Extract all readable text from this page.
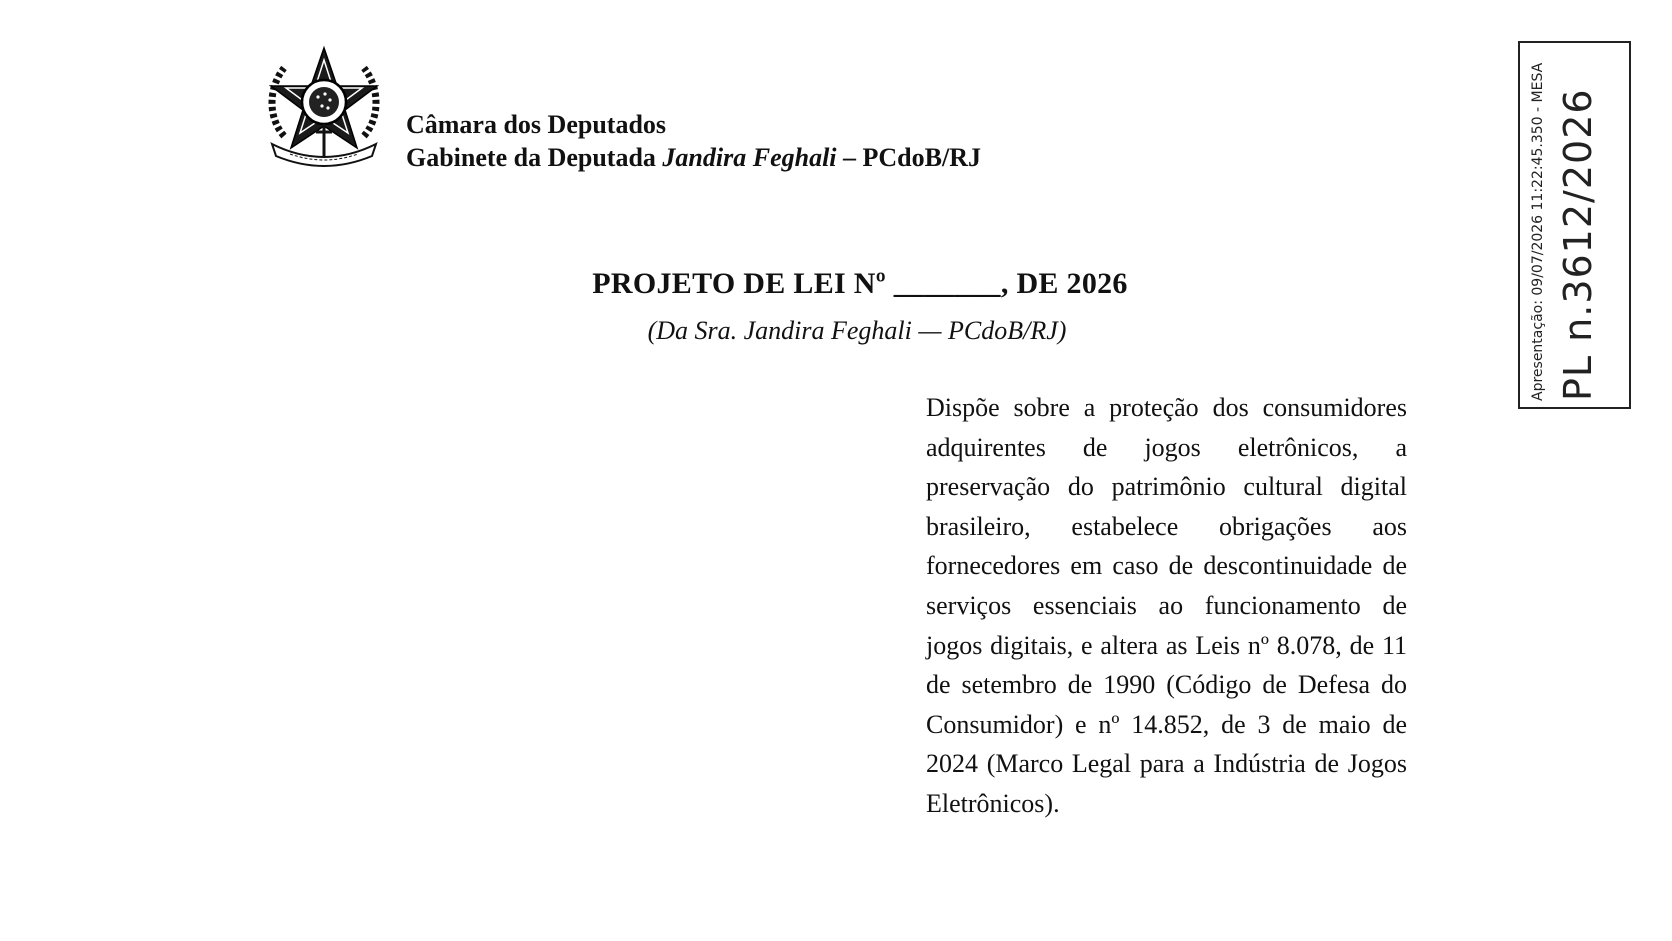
Câmara dos Deputados
Gabinete da Deputada Jandira Feghali – PCdoB/RJ
PROJETO DE LEI Nº _______, DE 2026
(Da Sra. Jandira Feghali — PCdoB/RJ)
Dispõe sobre a proteção dos consumidores adquirentes de jogos eletrônicos, a preservação do patrimônio cultural digital brasileiro, estabelece obrigações aos fornecedores em caso de descontinuidade de serviços essenciais ao funcionamento de jogos digitais, e altera as Leis nº 8.078, de 11 de setembro de 1990 (Código de Defesa do Consumidor) e nº 14.852, de 3 de maio de 2024 (Marco Legal para a Indústria de Jogos Eletrônicos).
Apresentação: 09/07/2026 11:22:45.350 - MESA PL n.3612/2026
